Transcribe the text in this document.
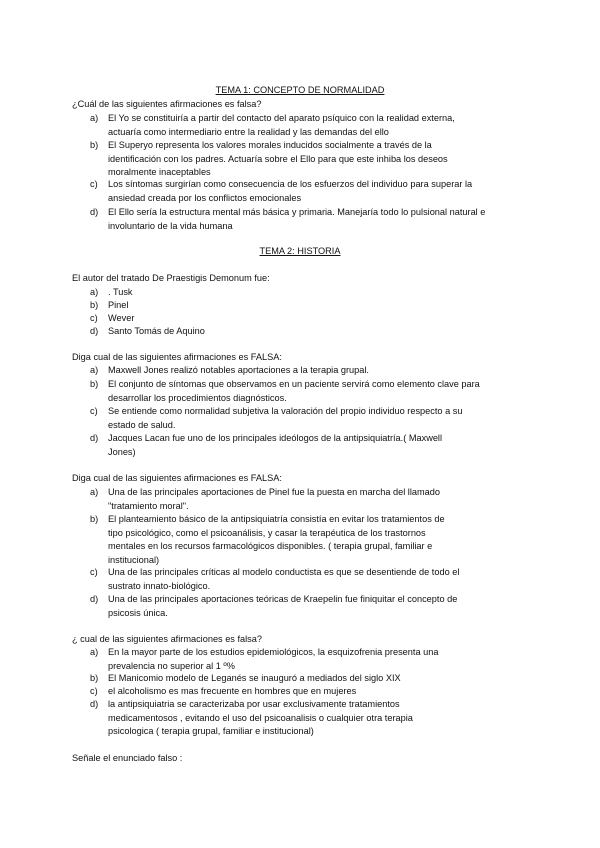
TEMA 1: CONCEPTO DE NORMALIDAD
¿Cuál de las siguientes afirmaciones es falsa?
a)	El Yo se constituiría a partir del contacto del aparato psíquico con la realidad externa,
actuaría como intermediario entre la realidad y las demandas del ello
b)	El Superyo representa los valores morales inducidos socialmente a través de la
identificación con los padres. Actuaría sobre el Ello para que este inhiba los deseos
moralmente inaceptables
c)	Los síntomas surgirían como consecuencia de los esfuerzos del individuo para superar la
ansiedad creada por los conflictos emocionales
d)	El Ello sería la estructura mental más básica y primaria. Manejaría todo lo pulsional natural e
involuntario de la vida humana
TEMA 2: HISTORIA
El autor del tratado De Praestigis Demonum fue:
a)	. Tusk
b)	Pinel
c)	Wever
d)	Santo Tomás de Aquino
Diga cual de las siguientes afirmaciones es FALSA:
a)	Maxwell Jones realizó notables aportaciones a la terapia grupal.
b)	El conjunto de síntomas que observamos en un paciente servirá como elemento clave para
desarrollar los procedimientos diagnósticos.
c)	Se entiende como normalidad subjetiva la valoración del propio individuo respecto a su
estado de salud.
d)	Jacques Lacan fue uno de los principales ideólogos de la antipsiquiatría.( Maxwell
Jones)
Diga cual de las siguientes afirmaciones es FALSA:
a)	Una de las principales aportaciones de Pinel fue la puesta en marcha del llamado
"tratamiento moral".
b)	El planteamiento básico de la antipsiquiatría consistía en evitar los tratamientos de
tipo psicológico, como el psicoanálisis, y casar la terapéutica de los trastornos
mentales en los recursos farmacológicos disponibles. ( terapia grupal, familiar e
institucional)
c)	Una de las principales críticas al modelo conductista es que se desentiende de todo el
sustrato innato-biológico.
d)	Una de las principales aportaciones teóricas de Kraepelin fue finiquitar el concepto de
psicosis única.
¿ cual de las siguientes afirmaciones es falsa?
a)	En la mayor parte de los estudios epidemiológicos, la esquizofrenia presenta una
prevalencia no superior al 1 º%
b)	El Manicomio modelo de Leganés se inauguró a mediados del siglo XIX
c)	el alcoholismo es mas frecuente en hombres que en mujeres
d)	la antipsiquiatria se caracterizaba por usar exclusivamente tratamientos
medicamentosos , evitando el uso del psicoanalisis o cualquier otra terapia
psicologica ( terapia grupal, familiar e institucional)
Señale el enunciado falso :
